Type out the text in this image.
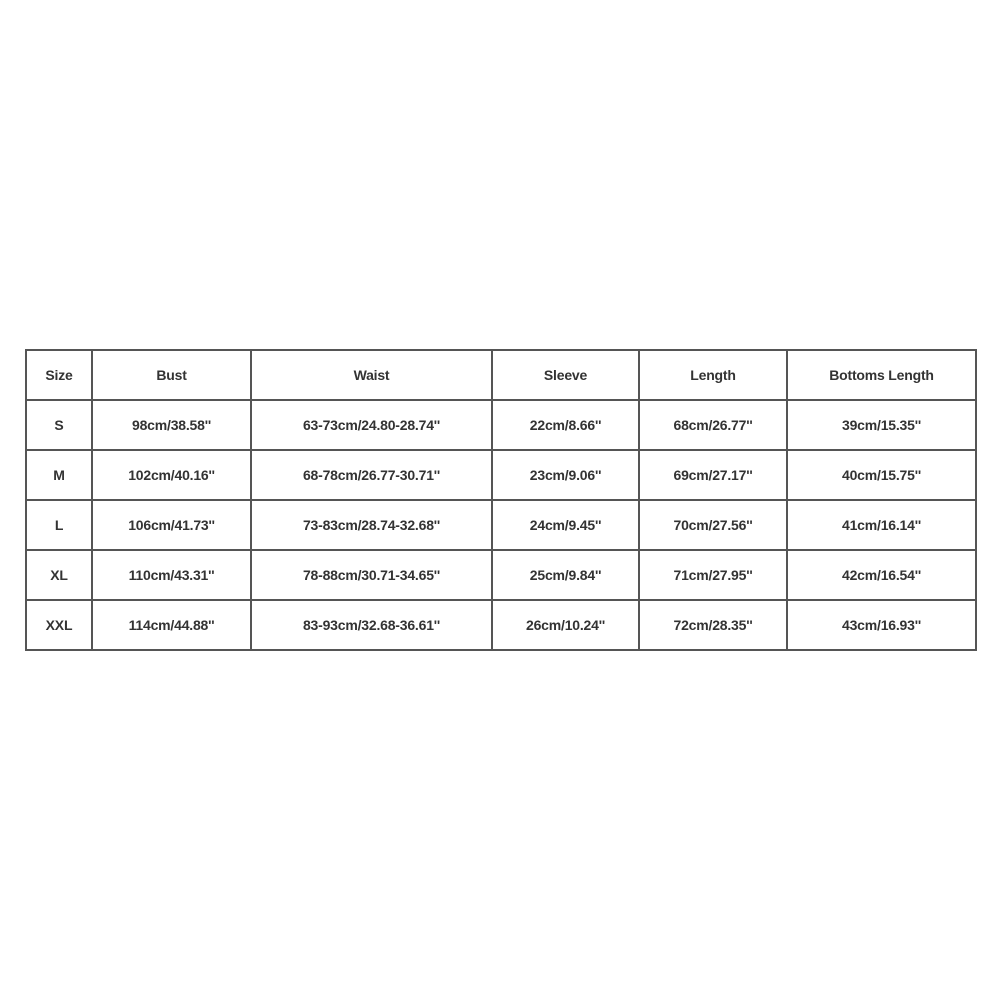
Size	Bust	Waist	Sleeve	Length	Bottoms Length
S	98cm/38.58''	63-73cm/24.80-28.74''	22cm/8.66''	68cm/26.77''	39cm/15.35''
M	102cm/40.16''	68-78cm/26.77-30.71''	23cm/9.06''	69cm/27.17''	40cm/15.75''
L	106cm/41.73''	73-83cm/28.74-32.68''	24cm/9.45''	70cm/27.56''	41cm/16.14''
XL	110cm/43.31''	78-88cm/30.71-34.65''	25cm/9.84''	71cm/27.95''	42cm/16.54''
XXL	114cm/44.88''	83-93cm/32.68-36.61''	26cm/10.24''	72cm/28.35''	43cm/16.93''
